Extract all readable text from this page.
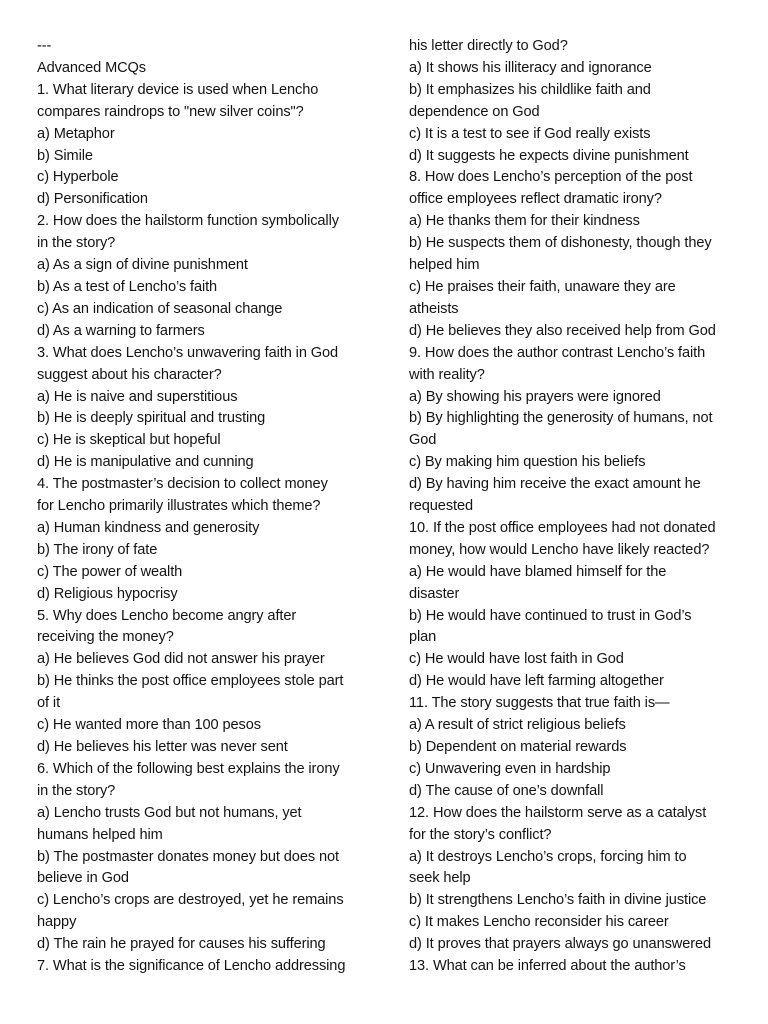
---
Advanced MCQs
1. What literary device is used when Lencho
compares raindrops to "new silver coins"?
a) Metaphor
b) Simile
c) Hyperbole
d) Personification
2. How does the hailstorm function symbolically
in the story?
a) As a sign of divine punishment
b) As a test of Lencho’s faith
c) As an indication of seasonal change
d) As a warning to farmers
3. What does Lencho’s unwavering faith in God
suggest about his character?
a) He is naive and superstitious
b) He is deeply spiritual and trusting
c) He is skeptical but hopeful
d) He is manipulative and cunning
4. The postmaster’s decision to collect money
for Lencho primarily illustrates which theme?
a) Human kindness and generosity
b) The irony of fate
c) The power of wealth
d) Religious hypocrisy
5. Why does Lencho become angry after
receiving the money?
a) He believes God did not answer his prayer
b) He thinks the post office employees stole part
of it
c) He wanted more than 100 pesos
d) He believes his letter was never sent
6. Which of the following best explains the irony
in the story?
a) Lencho trusts God but not humans, yet
humans helped him
b) The postmaster donates money but does not
believe in God
c) Lencho’s crops are destroyed, yet he remains
happy
d) The rain he prayed for causes his suffering
7. What is the significance of Lencho addressing
his letter directly to God?
a) It shows his illiteracy and ignorance
b) It emphasizes his childlike faith and
dependence on God
c) It is a test to see if God really exists
d) It suggests he expects divine punishment
8. How does Lencho’s perception of the post
office employees reflect dramatic irony?
a) He thanks them for their kindness
b) He suspects them of dishonesty, though they
helped him
c) He praises their faith, unaware they are
atheists
d) He believes they also received help from God
9. How does the author contrast Lencho’s faith
with reality?
a) By showing his prayers were ignored
b) By highlighting the generosity of humans, not
God
c) By making him question his beliefs
d) By having him receive the exact amount he
requested
10. If the post office employees had not donated
money, how would Lencho have likely reacted?
a) He would have blamed himself for the
disaster
b) He would have continued to trust in God’s
plan
c) He would have lost faith in God
d) He would have left farming altogether
11. The story suggests that true faith is—
a) A result of strict religious beliefs
b) Dependent on material rewards
c) Unwavering even in hardship
d) The cause of one’s downfall
12. How does the hailstorm serve as a catalyst
for the story’s conflict?
a) It destroys Lencho’s crops, forcing him to
seek help
b) It strengthens Lencho’s faith in divine justice
c) It makes Lencho reconsider his career
d) It proves that prayers always go unanswered
13. What can be inferred about the author’s
